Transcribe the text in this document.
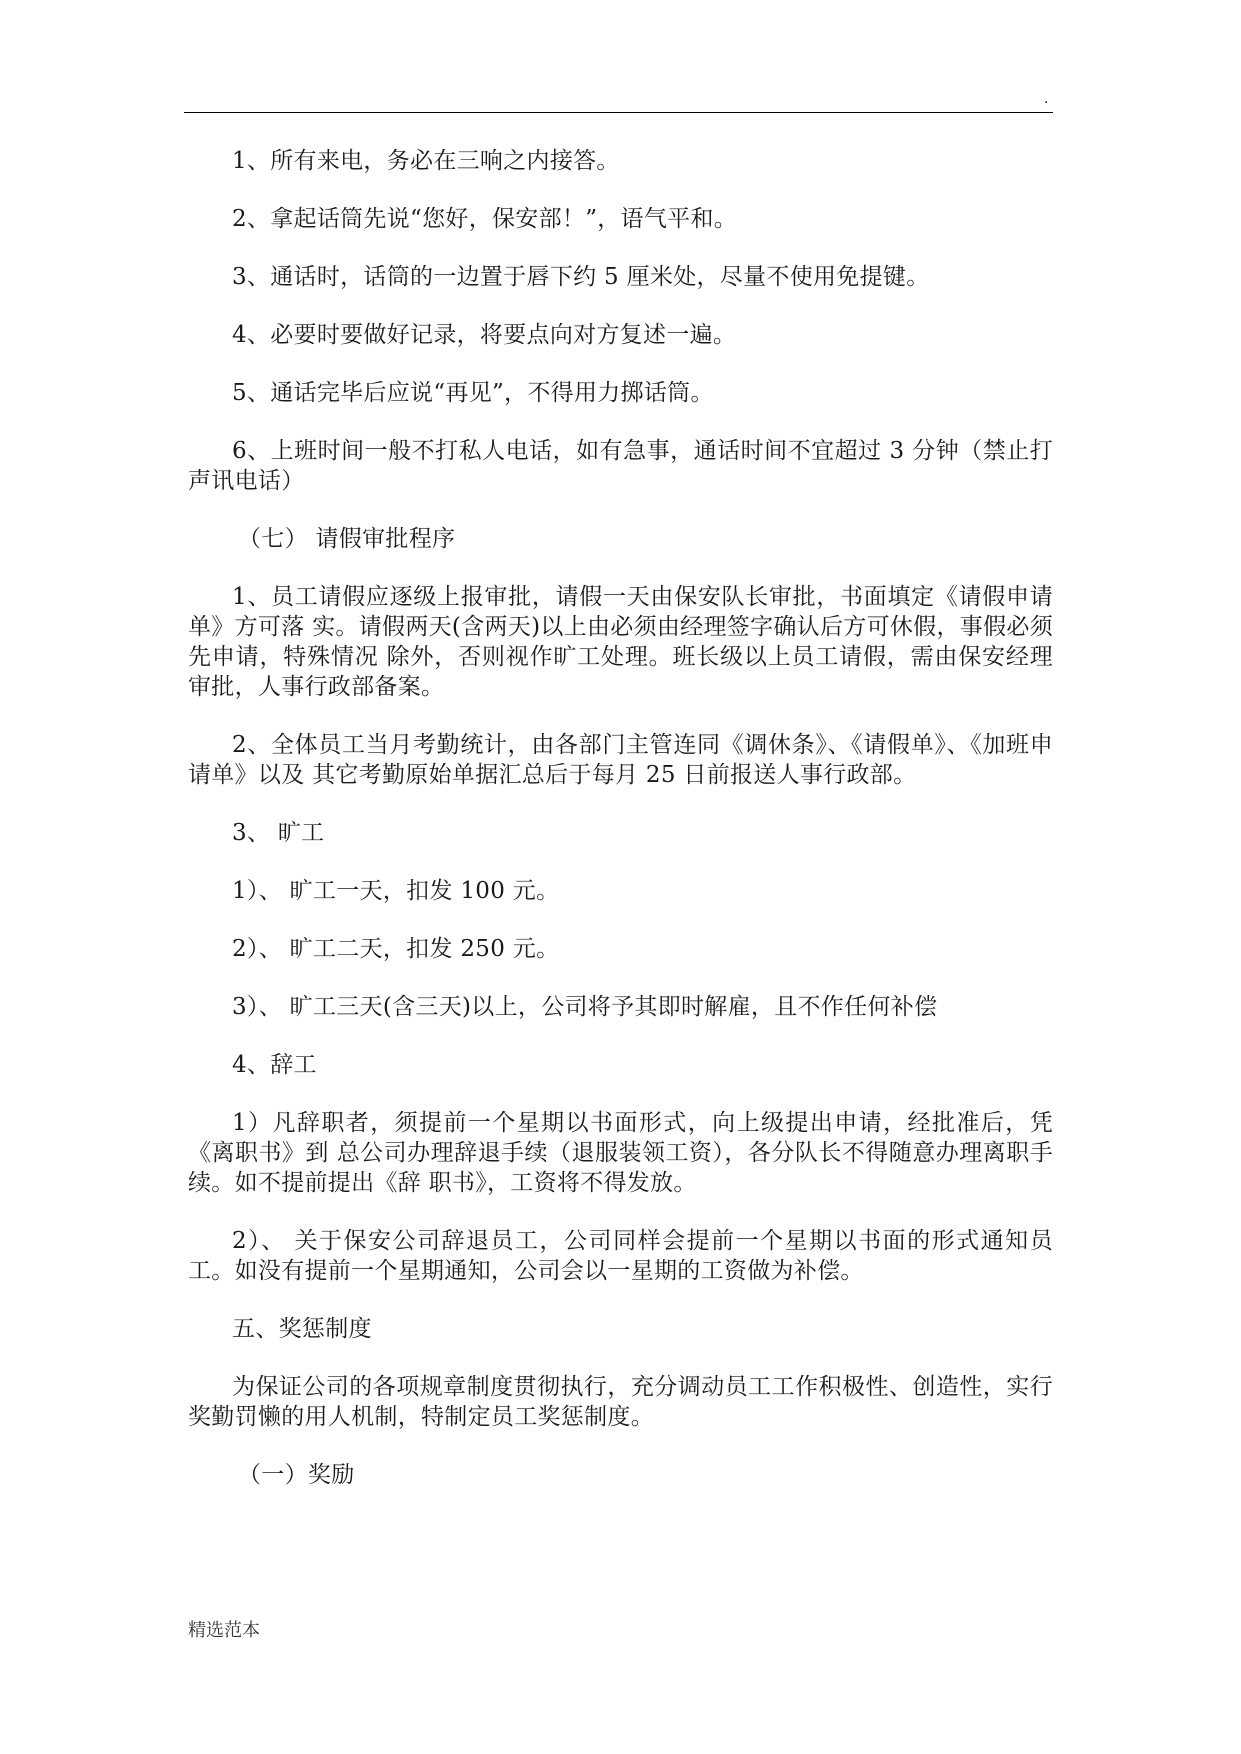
.

1、所有来电，务必在三响之内接答。

2、拿起话筒先说“您好，保安部！”，语气平和。

3、通话时，话筒的一边置于唇下约 5 厘米处，尽量不使用免提键。

4、必要时要做好记录，将要点向对方复述一遍。

5、通话完毕后应说“再见”，不得用力掷话筒。

6、上班时间一般不打私人电话，如有急事，通话时间不宜超过 3 分钟（禁止打声讯电话）

（七） 请假审批程序

1、员工请假应逐级上报审批，请假一天由保安队长审批，书面填定《请假申请单》方可落 实。请假两天(含两天)以上由必须由经理签字确认后方可休假，事假必须先申请，特殊情况 除外，否则视作旷工处理。班长级以上员工请假，需由保安经理审批，人事行政部备案。

2、全体员工当月考勤统计，由各部门主管连同《调休条》、《请假单》、《加班申请单》以及 其它考勤原始单据汇总后于每月 25 日前报送人事行政部。

3、 旷工

1）、 旷工一天，扣发 100 元。

2）、 旷工二天，扣发 250 元。

3）、 旷工三天(含三天)以上，公司将予其即时解雇，且不作任何补偿

4、辞工

1）凡辞职者，须提前一个星期以书面形式，向上级提出申请，经批准后，凭《离职书》到 总公司办理辞退手续（退服装领工资），各分队长不得随意办理离职手续。如不提前提出《辞 职书》，工资将不得发放。

2）、 关于保安公司辞退员工，公司同样会提前一个星期以书面的形式通知员工。如没有提前一个星期通知，公司会以一星期的工资做为补偿。

五、奖惩制度

为保证公司的各项规章制度贯彻执行，充分调动员工工作积极性、创造性，实行奖勤罚懒的用人机制，特制定员工奖惩制度。

（一）奖励

精选范本
